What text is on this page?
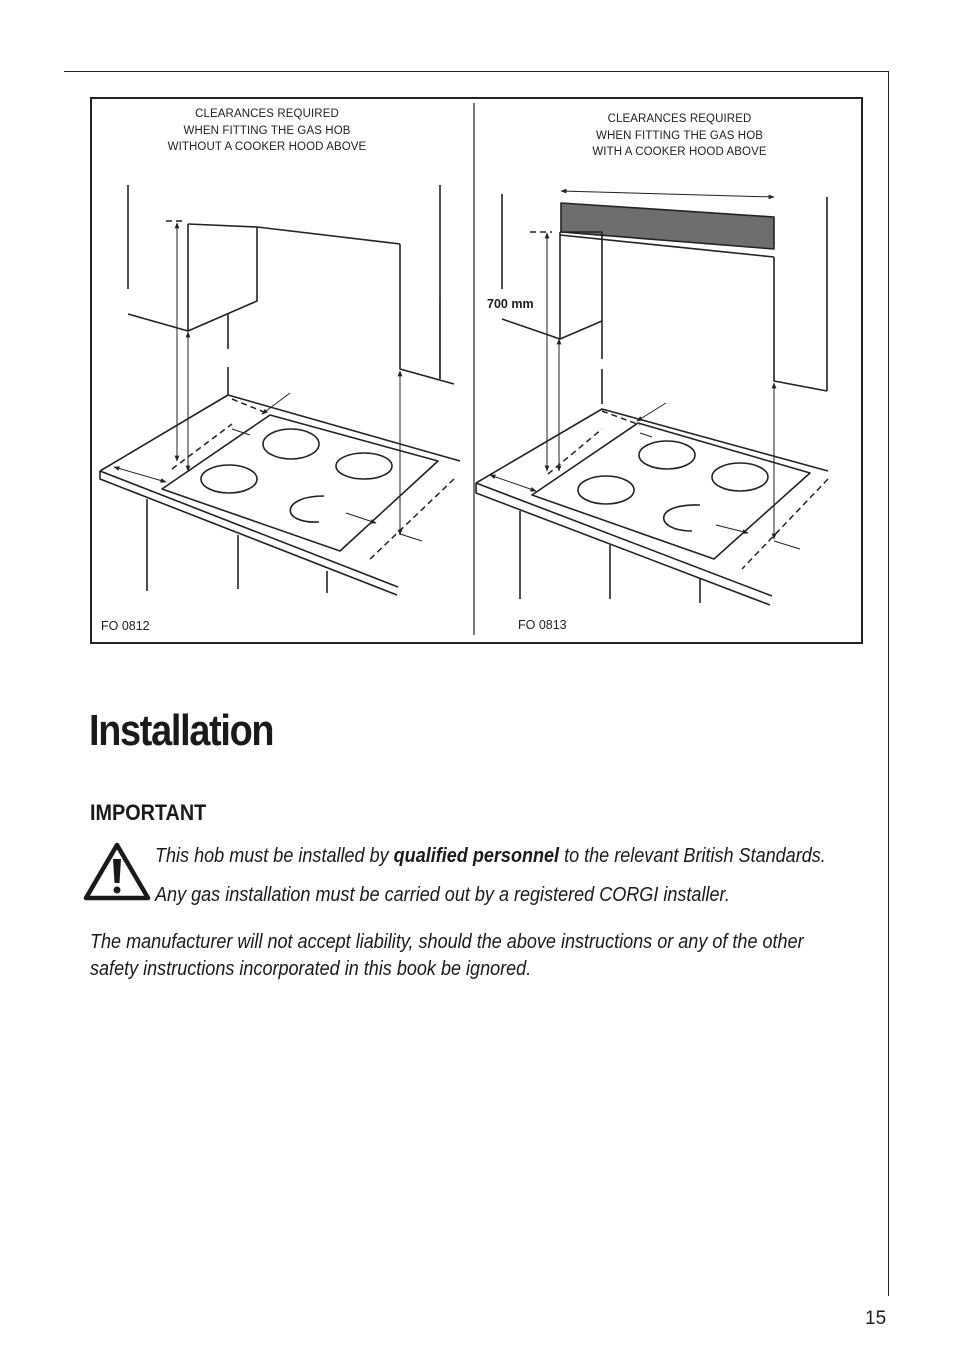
CLEARANCES REQUIRED
WHEN FITTING THE GAS HOB
WITHOUT A COOKER HOOD ABOVE
CLEARANCES REQUIRED
WHEN FITTING THE GAS HOB
WITH A COOKER HOOD ABOVE
700 mm
FO 0812	FO 0813
Installation
IMPORTANT

This hob must be installed by qualified personnel to the relevant British Standards.

Any gas installation must be carried out by a registered CORGI installer.

The manufacturer will not accept liability, should the above instructions or any of the other safety instructions incorporated in this book be ignored.

15
